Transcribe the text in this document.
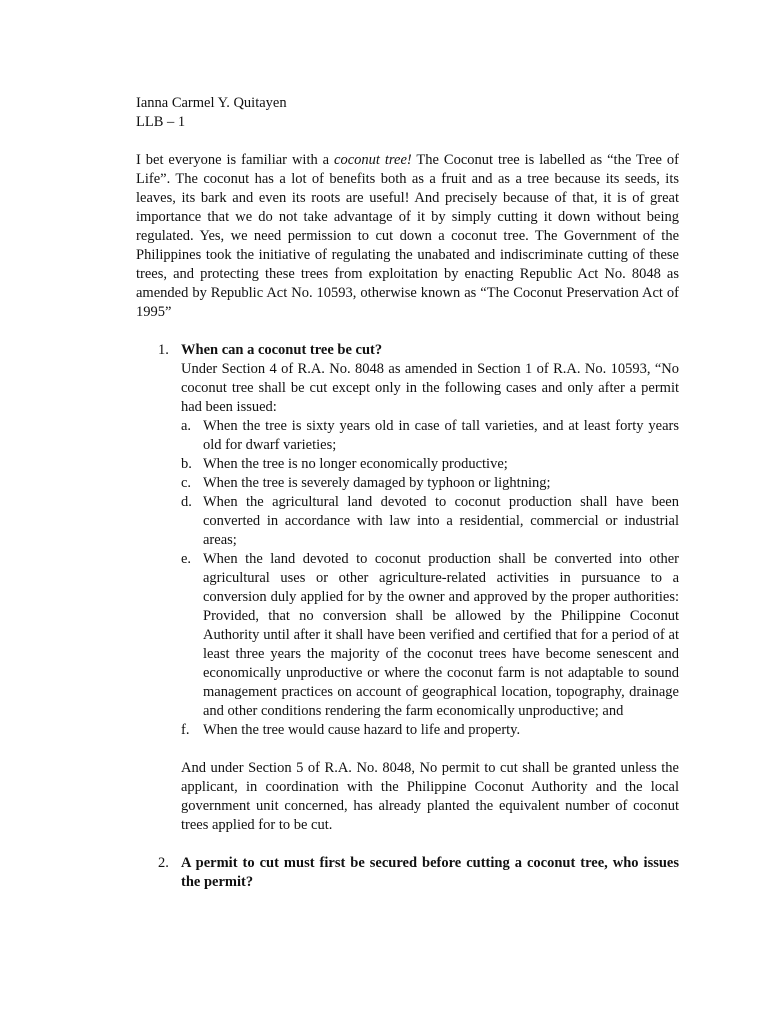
Ianna Carmel Y. Quitayen
LLB – 1

I bet everyone is familiar with a coconut tree! The Coconut tree is labelled as “the Tree of Life”. The coconut has a lot of benefits both as a fruit and as a tree because its seeds, its leaves, its bark and even its roots are useful! And precisely because of that, it is of great importance that we do not take advantage of it by simply cutting it down without being regulated. Yes, we need permission to cut down a coconut tree. The Government of the Philippines took the initiative of regulating the unabated and indiscriminate cutting of these trees, and protecting these trees from exploitation by enacting Republic Act No. 8048 as amended by Republic Act No. 10593, otherwise known as “The Coconut Preservation Act of 1995”

1. When can a coconut tree be cut?
Under Section 4 of R.A. No. 8048 as amended in Section 1 of R.A. No. 10593, “No coconut tree shall be cut except only in the following cases and only after a permit had been issued:
a. When the tree is sixty years old in case of tall varieties, and at least forty years old for dwarf varieties;
b. When the tree is no longer economically productive;
c. When the tree is severely damaged by typhoon or lightning;
d. When the agricultural land devoted to coconut production shall have been converted in accordance with law into a residential, commercial or industrial areas;
e. When the land devoted to coconut production shall be converted into other agricultural uses or other agriculture-related activities in pursuance to a conversion duly applied for by the owner and approved by the proper authorities: Provided, that no conversion shall be allowed by the Philippine Coconut Authority until after it shall have been verified and certified that for a period of at least three years the majority of the coconut trees have become senescent and economically unproductive or where the coconut farm is not adaptable to sound management practices on account of geographical location, topography, drainage and other conditions rendering the farm economically unproductive; and
f. When the tree would cause hazard to life and property.
And under Section 5 of R.A. No. 8048, No permit to cut shall be granted unless the applicant, in coordination with the Philippine Coconut Authority and the local government unit concerned, has already planted the equivalent number of coconut trees applied for to be cut.
2. A permit to cut must first be secured before cutting a coconut tree, who issues the permit?
